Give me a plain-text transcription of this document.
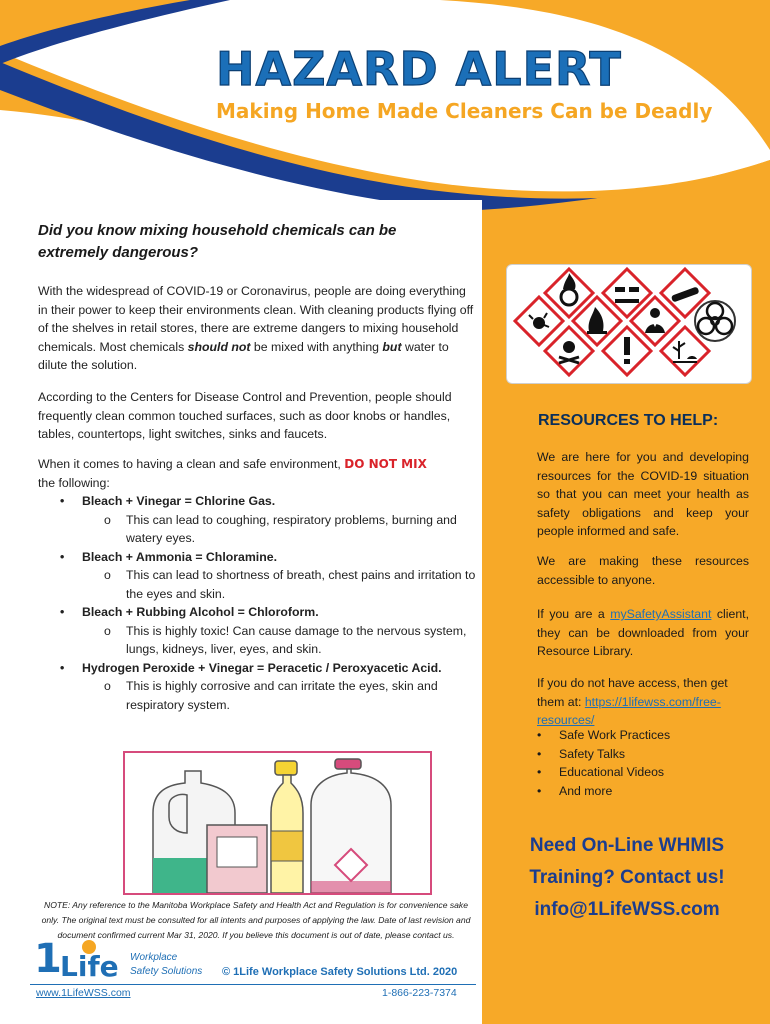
HAZARD ALERT
Making Home Made Cleaners Can be Deadly
Did you know mixing household chemicals can be extremely dangerous?
With the widespread of COVID-19 or Coronavirus, people are doing everything in their power to keep their environments clean. With cleaning products flying off of the shelves in retail stores, there are extreme dangers to mixing household chemicals. Most chemicals should not be mixed with anything but water to dilute the solution.
According to the Centers for Disease Control and Prevention, people should frequently clean common touched surfaces, such as door knobs or handles, tables, countertops, light switches, sinks and faucets.
When it comes to having a clean and safe environment, DO NOT MIX
the following:
• Bleach + Vinegar = Chlorine Gas.
o This can lead to coughing, respiratory problems, burning and watery eyes.
• Bleach + Ammonia = Chloramine.
o This can lead to shortness of breath, chest pains and irritation to the eyes and skin.
• Bleach + Rubbing Alcohol = Chloroform.
o This is highly toxic! Can cause damage to the nervous system, lungs, kidneys, liver, eyes, and skin.
• Hydrogen Peroxide + Vinegar = Peracetic / Peroxyacetic Acid.
o This is highly corrosive and can irritate the eyes, skin and respiratory system.
NOTE: Any reference to the Manitoba Workplace Safety and Health Act and Regulation is for convenience sake only. The original text must be consulted for all intents and purposes of applying the law. Date of last revision and document confirmed current Mar 31, 2020. If you believe this document is out of date, please contact us.
1
Life Workplace
Safety Solutions © 1Life Workplace Safety Solutions Ltd. 2020
www.1LifeWSS.com	1-866-223-7374
RESOURCES TO HELP:
We are here for you and developing resources for the COVID-19 situation so that you can meet your health as safety obligations and keep your people informed and safe.
We are making these resources accessible to anyone.
If you are a mySafetyAssistant client, they can be downloaded from your Resource Library.
If you do not have access, then get them at: https://1lifewss.com/free-resources/
• Safe Work Practices
• Safety Talks
• Educational Videos
• And more
Need On-Line WHMIS
Training? Contact us!
info@1LifeWSS.com
